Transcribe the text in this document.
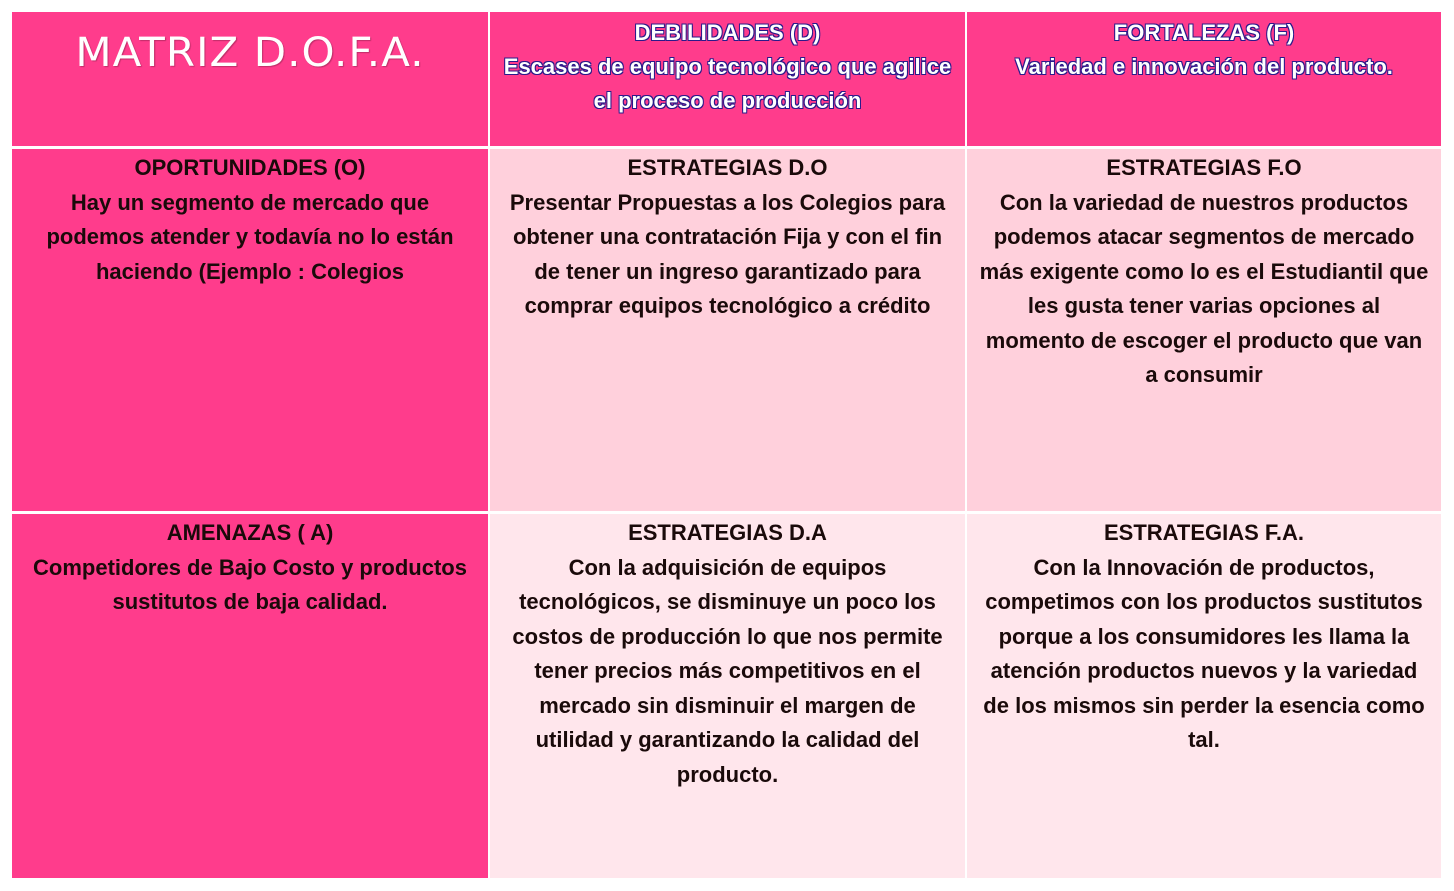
MATRIZ D.O.F.A.	DEBILIDADES (D)
Escases de equipo tecnológico que agilice el proceso de producción
FORTALEZAS (F)
Variedad e innovación del producto.
OPORTUNIDADES (O)
Hay un segmento de mercado que podemos atender y todavía no lo están haciendo (Ejemplo : Colegios
ESTRATEGIAS D.O
Presentar Propuestas a los Colegios para obtener una contratación Fija y con el fin de tener un ingreso garantizado para comprar equipos tecnológico a crédito
ESTRATEGIAS F.O
Con la variedad de nuestros productos podemos atacar segmentos de mercado más exigente como lo es el Estudiantil que les gusta tener varias opciones al momento de escoger el producto que van a consumir
AMENAZAS ( A)
Competidores de Bajo Costo y productos sustitutos de baja calidad.
ESTRATEGIAS D.A
Con la adquisición de equipos tecnológicos, se disminuye un poco los costos de producción lo que nos permite tener precios más competitivos en el mercado sin disminuir el margen de utilidad y garantizando la calidad del producto.
ESTRATEGIAS F.A.
Con la Innovación de productos, competimos con los productos sustitutos porque a los consumidores les llama la atención productos nuevos y la variedad de los mismos sin perder la esencia como tal.
